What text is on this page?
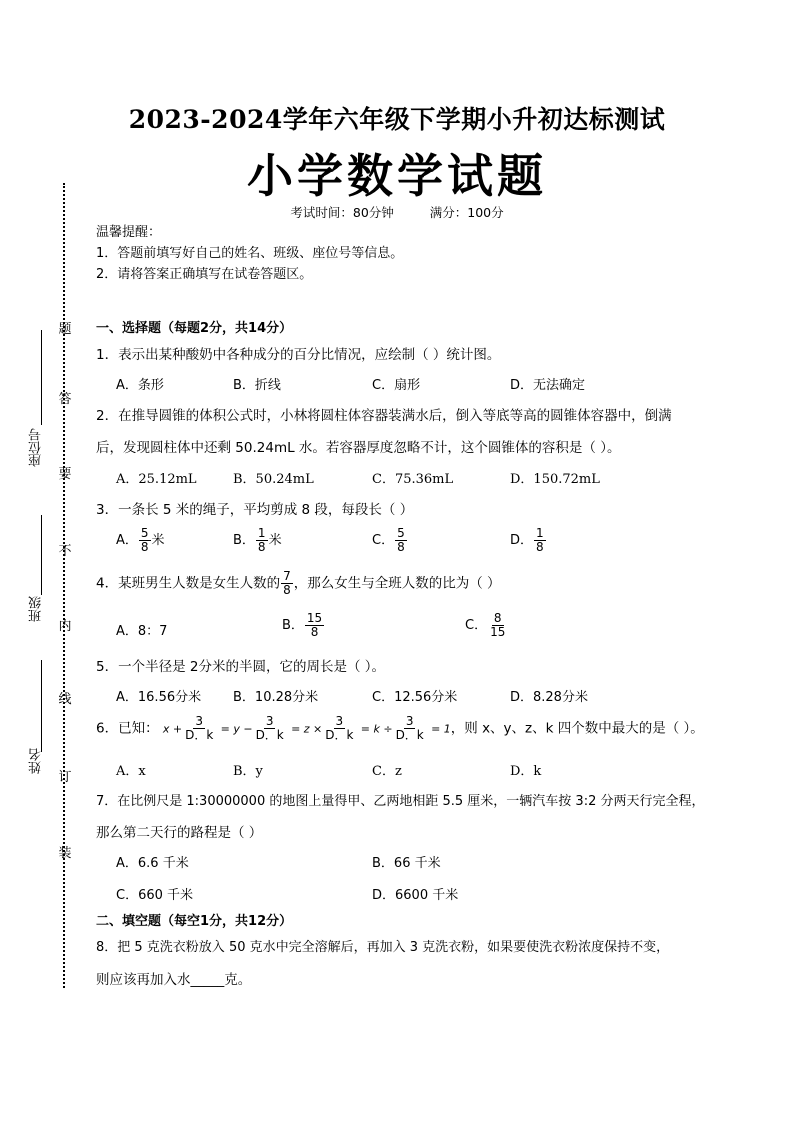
2023-2024学年六年级下学期小升初达标测试
小学数学试题
考试时间：80分钟	满分：100分
温馨提醒：
1．答题前填写好自己的姓名、班级、座位号等信息。
2．请将答案正确填写在试卷答题区。
座位号
班级
姓名
题
答
要
不
内
线
订
装
一、选择题（每题2分，共14分）
1．表示出某种酸奶中各种成分的百分比情况，应绘制（ ）统计图。
A．条形	B．折线	C．扇形	D．无法确定
2．在推导圆锥的体积公式时，小林将圆柱体容器装满水后，倒入等底等高的圆锥体容器中，倒满
后，发现圆柱体中还剩 50.24mL 水。若容器厚度忽略不计，这个圆锥体的容积是（ ）。
A．25.12mL	B．50.24mL	C．75.36mL	D．150.72mL
3．一条长 5 米的绳子，平均剪成 8 段，每段长（ ）
A． $\frac{5}{8}$ 米	B． $\frac{1}{8}$ 米	C． $\frac{5}{8}$	D． $\frac{1}{8}$
4．某班男生人数是女生人数的 $\frac{7}{8}$ ，那么女生与全班人数的比为（ ）
A．8：7	B． $\frac{15}{8}$	C． $\frac{8}{15}$
5．一个半径是 2分米的半圆，它的周长是（ ）。
A．16.56分米 B．10.28分米	C．12.56分米	D．8.28分米
6．已知： $x + \frac{3}{D.k} = y - \frac{3}{D.k} = z \times \frac{3}{D.k} = k \div \frac{3}{D.k} = 1$，则 x、y、z、k 四个数中最大的是（ ）。
A．x	B．y	C．z	D．k
7．在比例尺是 1:30000000 的地图上量得甲、乙两地相距 5.5 厘米，一辆汽车按 3:2 分两天行完全程，
那么第二天行的路程是（ ）
A．6.6 千米	B．66 千米
C．660 千米	D．6600 千米
二、填空题（每空1分，共12分）
8．把 5 克洗衣粉放入 50 克水中完全溶解后，再加入 3 克洗衣粉，如果要使洗衣粉浓度保持不变，
则应该再加入水_____克。
